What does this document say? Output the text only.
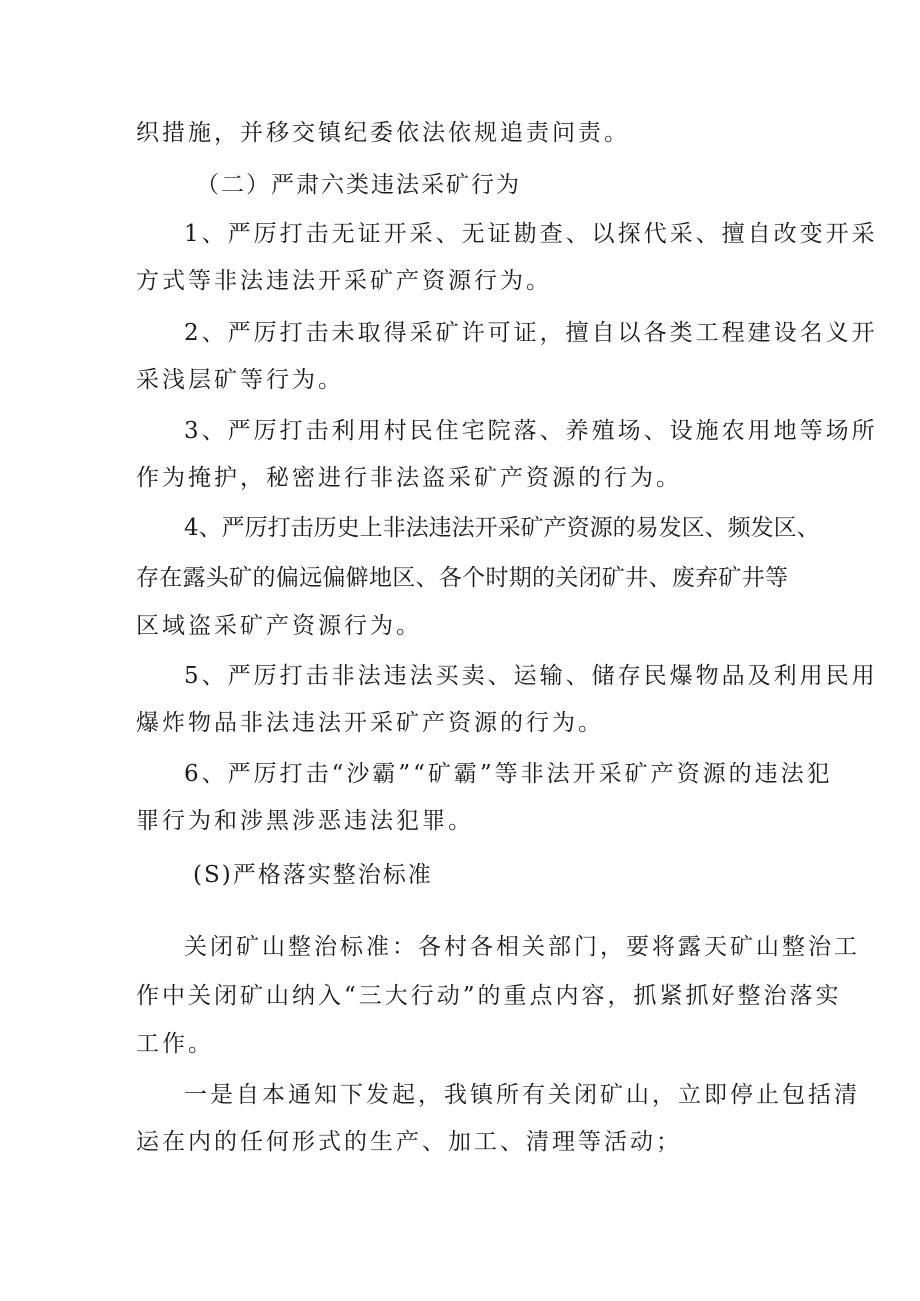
织措施，并移交镇纪委依法依规追责问责。
（二）严肃六类违法采矿行为
1、严厉打击无证开采、无证勘查、以探代采、擅自改变开采
方式等非法违法开采矿产资源行为。
2、严厉打击未取得采矿许可证，擅自以各类工程建设名义开
采浅层矿等行为。
3、严厉打击利用村民住宅院落、养殖场、设施农用地等场所
作为掩护，秘密进行非法盗采矿产资源的行为。
4、严厉打击历史上非法违法开采矿产资源的易发区、频发区、
存在露头矿的偏远偏僻地区、各个时期的关闭矿井、废弃矿井等
区域盗采矿产资源行为。
5、严厉打击非法违法买卖、运输、储存民爆物品及利用民用
爆炸物品非法违法开采矿产资源的行为。
6、严厉打击“沙霸”“矿霸”等非法开采矿产资源的违法犯
罪行为和涉黑涉恶违法犯罪。
(S)严格落实整治标准
关闭矿山整治标准：各村各相关部门，要将露天矿山整治工
作中关闭矿山纳入“三大行动”的重点内容，抓紧抓好整治落实
工作。
一是自本通知下发起，我镇所有关闭矿山，立即停止包括清
运在内的任何形式的生产、加工、清理等活动；
